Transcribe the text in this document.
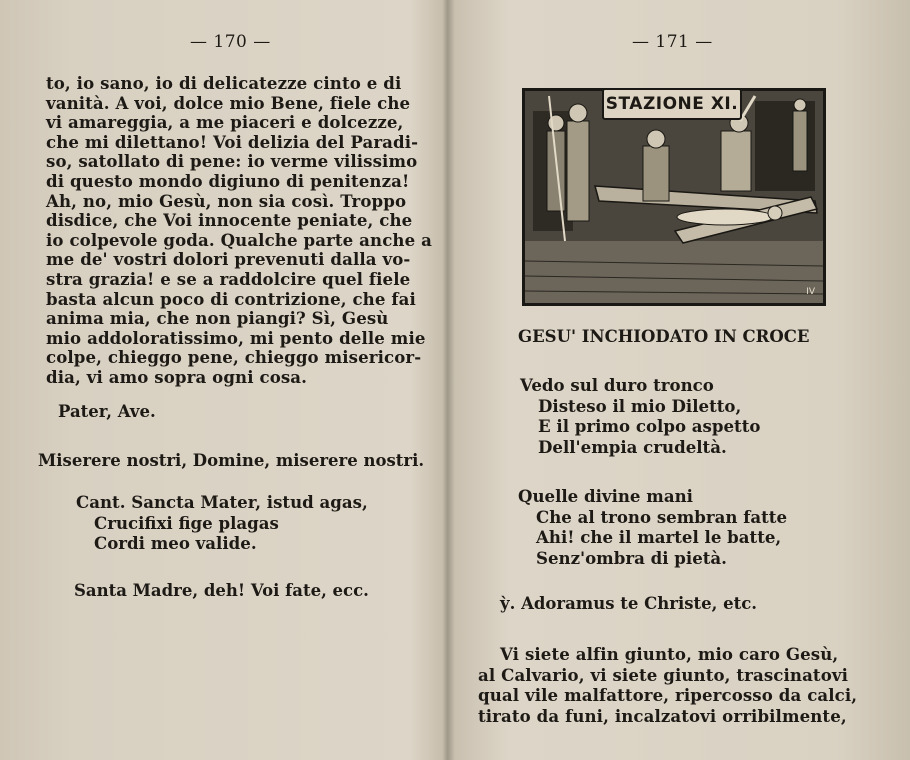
— 170 —
to, io sano, io di delicatezze cinto e di
vanità. A voi, dolce mio Bene, fiele che
vi amareggia, a me piaceri e dolcezze,
che mi dilettano! Voi delizia del Paradi-
so, satollato di pene: io verme vilissimo
di questo mondo digiuno di penitenza!
Ah, no, mio Gesù, non sia così. Troppo
disdice, che Voi innocente peniate, che
io colpevole goda. Qualche parte anche a
me de' vostri dolori prevenuti dalla vo-
stra grazia! e se a raddolcire quel fiele
basta alcun poco di contrizione, che fai
anima mia, che non piangi? Sì, Gesù
mio addoloratissimo, mi pento delle mie
colpe, chieggo pene, chieggo misericor-
dia, vi amo sopra ogni cosa.
Pater, Ave.
Miserere nostri, Domine, miserere nostri.
Cant. Sancta Mater, istud agas,
Crucifixi fige plagas
Cordi meo valide.
Santa Madre, deh! Voi fate, ecc.
— 171 —
IV
STAZIONE XI.
GESU' INCHIODATO IN CROCE
Vedo sul duro tronco
Disteso il mio Diletto,
E il primo colpo aspetto
Dell'empia crudeltà.
Quelle divine mani
Che al trono sembran fatte
Ahi! che il martel le batte,
Senz'ombra di pietà.
ỳ. Adoramus te Christe, etc.
Vi siete alfin giunto, mio caro Gesù,
al Calvario, vi siete giunto, trascinatovi
qual vile malfattore, ripercosso da calci,
tirato da funi, incalzatovi orribilmente,
